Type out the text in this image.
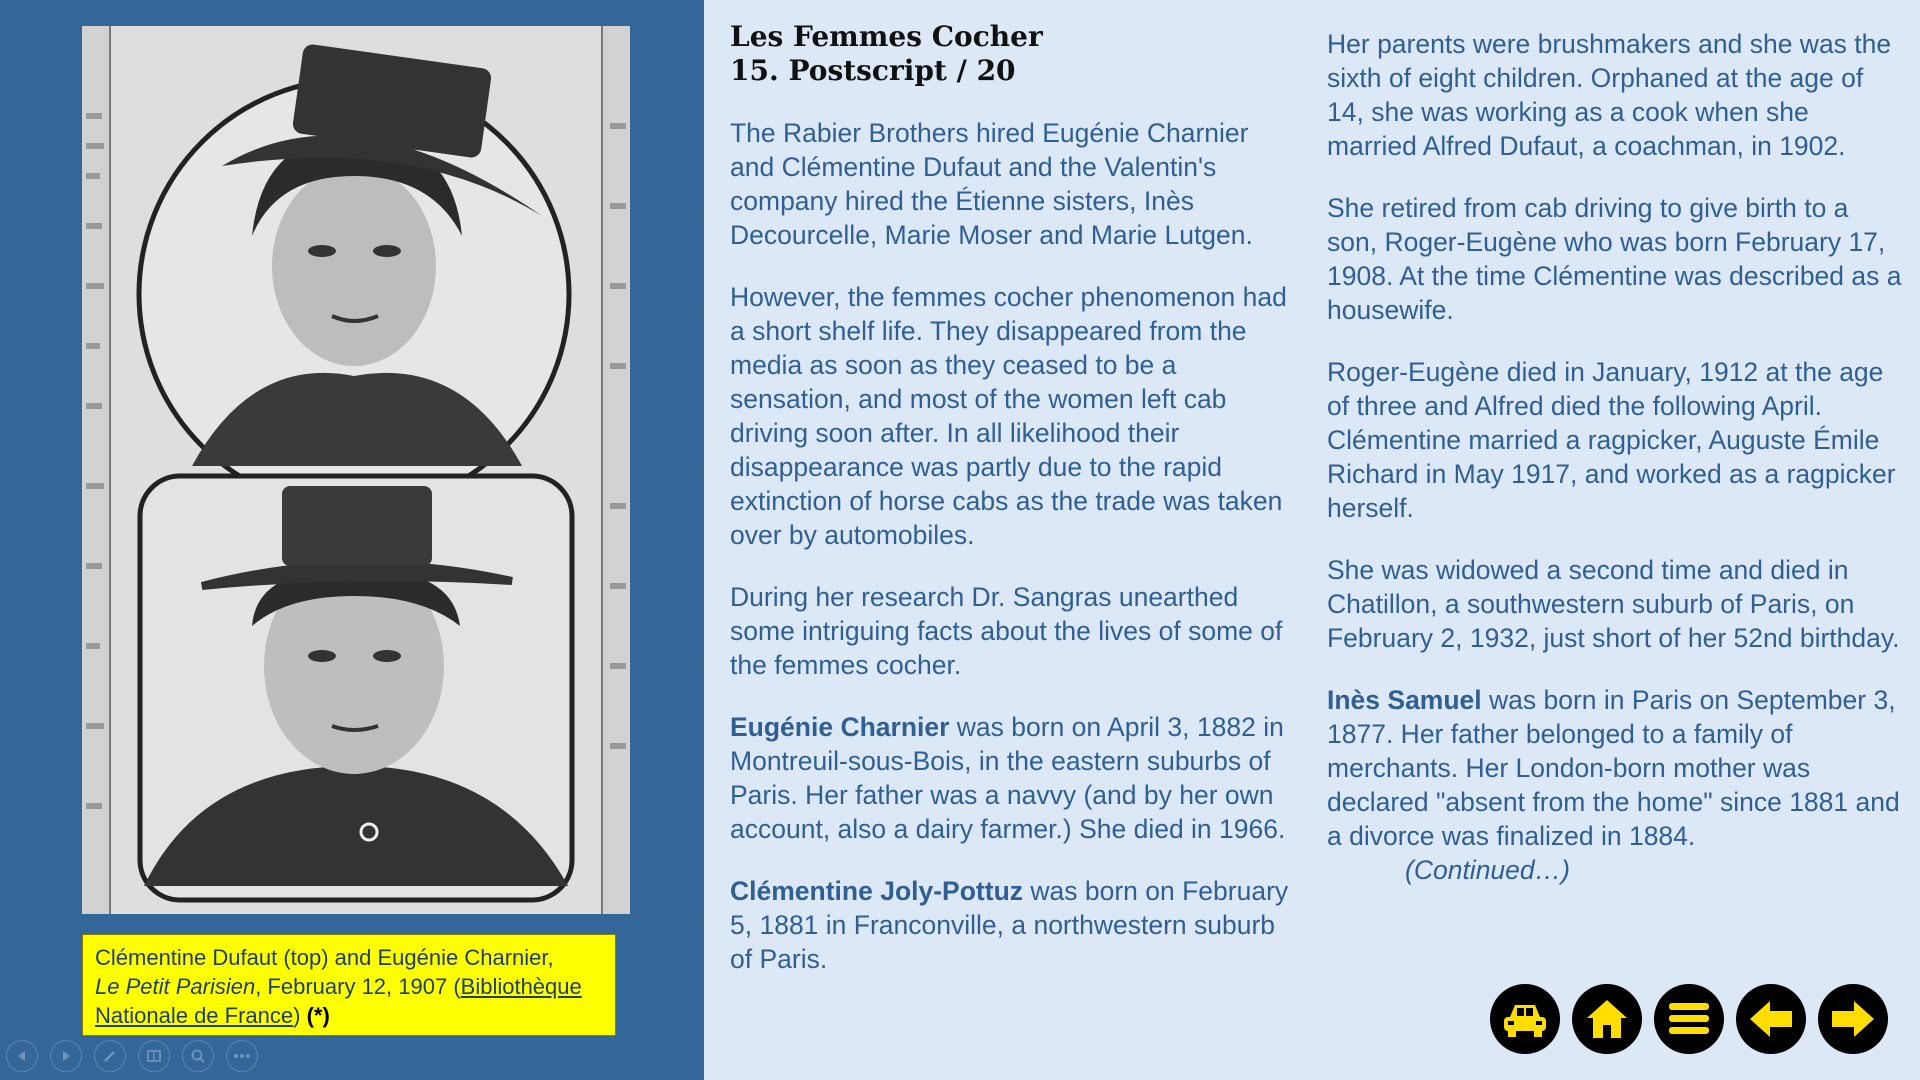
Clémentine Dufaut (top) and Eugénie Charnier,
Le Petit Parisien, February 12, 1907 (Bibliothèque Nationale de France) (*)
Les Femmes Cocher
15. Postscript / 20

The Rabier Brothers hired Eugénie Charnier and Clémentine Dufaut and the Valentin's company hired the Étienne sisters, Inès Decourcelle, Marie Moser and Marie Lutgen.

However, the femmes cocher phenomenon had a short shelf life. They disappeared from the media as soon as they ceased to be a sensation, and most of the women left cab driving soon after. In all likelihood their disappearance was partly due to the rapid extinction of horse cabs as the trade was taken over by automobiles.

During her research Dr. Sangras unearthed some intriguing facts about the lives of some of the femmes cocher.

Eugénie Charnier was born on April 3, 1882 in Montreuil-sous-Bois, in the eastern suburbs of Paris. Her father was a navvy (and by her own account, also a dairy farmer.) She died in 1966.

Clémentine Joly-Pottuz was born on February 5, 1881 in Franconville, a northwestern suburb of Paris.

Her parents were brushmakers and she was the sixth of eight children. Orphaned at the age of 14, she was working as a cook when she married Alfred Dufaut, a coachman, in 1902.

She retired from cab driving to give birth to a son, Roger-Eugène who was born February 17, 1908. At the time Clémentine was described as a housewife.

Roger-Eugène died in January, 1912 at the age of three and Alfred died the following April. Clémentine married a ragpicker, Auguste Émile Richard in May 1917, and worked as a ragpicker herself.

She was widowed a second time and died in Chatillon, a southwestern suburb of Paris, on February 2, 1932, just short of her 52nd birthday.

Inès Samuel was born in Paris on September 3, 1877. Her father belonged to a family of merchants. Her London-born mother was declared "absent from the home" since 1881 and a divorce was finalized in 1884.(Continued…)
